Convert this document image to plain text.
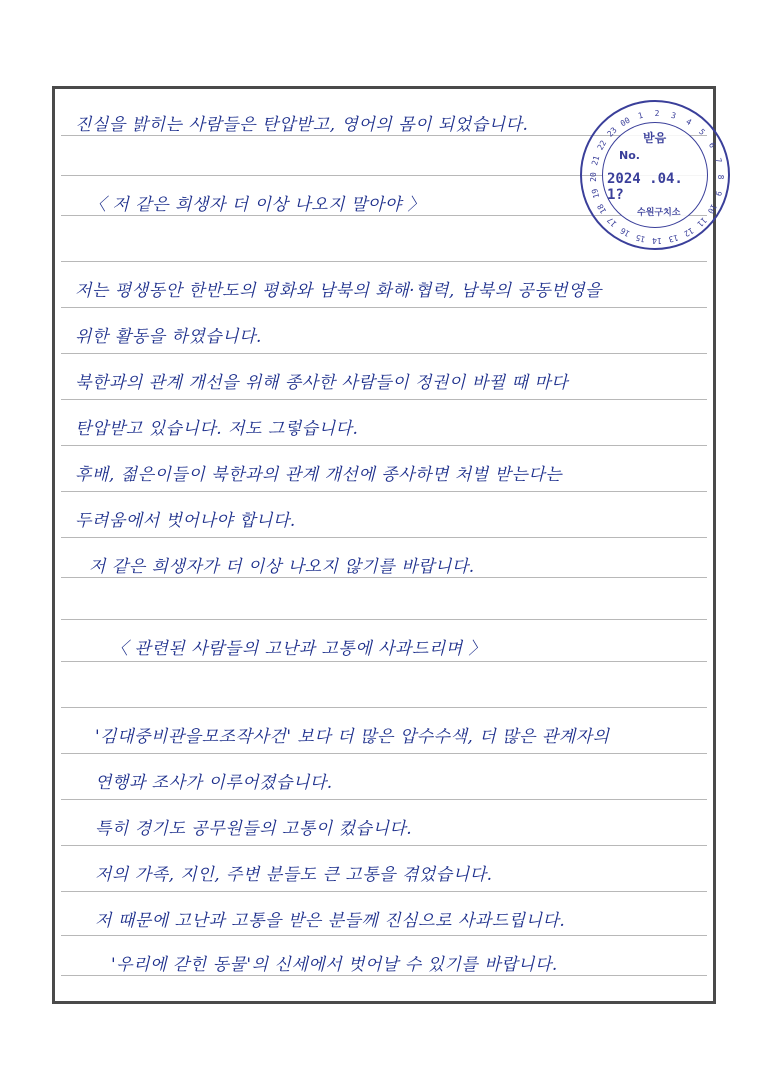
진실을 밝히는 사람들은 탄압받고, 영어의 몸이 되었습니다.
〈 저 같은 희생자 더 이상 나오지 말아야 〉
저는 평생동안 한반도의 평화와 남북의 화해·협력, 남북의 공동번영을
위한 활동을 하였습니다.
북한과의 관계 개선을 위해 종사한 사람들이 정권이 바뀔 때 마다
탄압받고 있습니다. 저도 그렇습니다.
후배, 젊은이들이 북한과의 관계 개선에 종사하면 처벌 받는다는
두려움에서 벗어나야 합니다.
저 같은 희생자가 더 이상 나오지 않기를 바랍니다.
〈 관련된 사람들의 고난과 고통에 사과드리며 〉
'김대중비관을모조작사건' 보다 더 많은 압수수색, 더 많은 관계자의
연행과 조사가 이루어졌습니다.
특히 경기도 공무원들의 고통이 컸습니다.
저의 가족, 지인, 주변 분들도 큰 고통을 겪었습니다.
저 때문에 고난과 고통을 받은 분들께 진심으로 사과드립니다.
'우리에 갇힌 동물'의 신세에서 벗어날 수 있기를 바랍니다.
1 2 3
4
5
6
7
8
9
10
11
12
13
14
15
16
17
18
19
20
21
22
23
00
받음
No.
2024 .04. 1?
수원구치소
